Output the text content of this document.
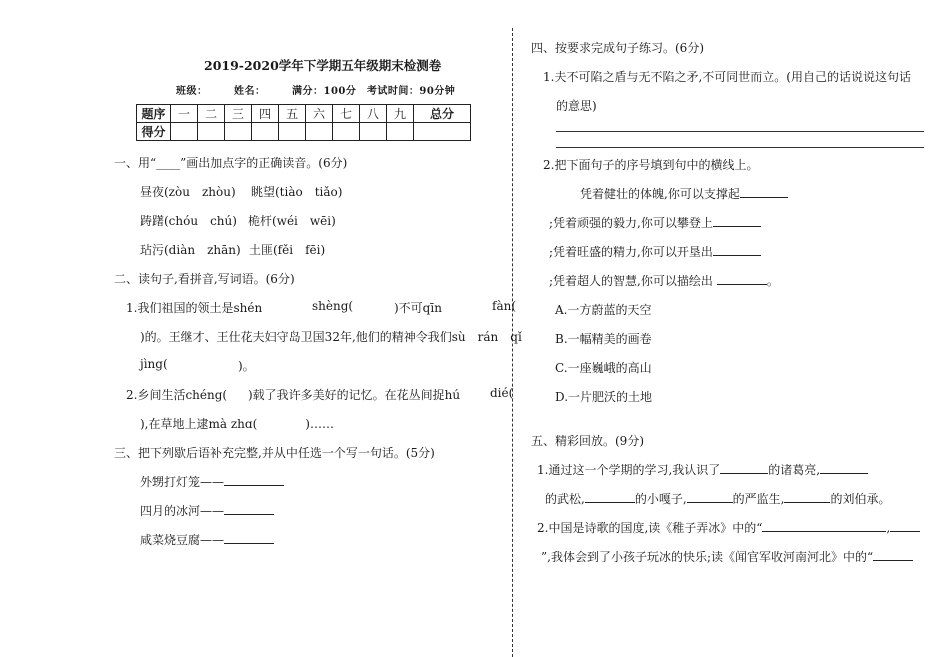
2019-2020学年下学期五年级期末检测卷
班级：　　　姓名：　　　满分：100分　考试时间：90分钟
题序	一	二	三	四	五	六	七	八	九	总分
得分										
一、用“____”画出加点字的正确读音。(6分)
昼夜(zòu　zhòu) 眺望(tiào　tiǎo)
踌躇(chóu　chú) 桅杆(wéi　wēi)
玷污(diàn　zhān) 土匪(fěi　fēi)
二、读句子,看拼音,写词语。(6分)
1.我们祖国的领土是shén	shèng(	)不可qīn	fàn(
)的。王继才、王仕花夫妇守岛卫国32年,他们的精神令我们sù　rán　qǐ
jìng(	)。
2.乡间生活chéng( )载了我许多美好的记忆。在花丛间捉hú dié(
),在草地上逮mà zhɑ(　　　　)……
三、把下列歇后语补充完整,并从中任选一个写一句话。(5分)
外甥打灯笼——
四月的冰河——
咸菜烧豆腐——
四、按要求完成句子练习。(6分)
1.夫不可陷之盾与无不陷之矛,不可同世而立。(用自己的话说说这句话
的意思)
2.把下面句子的序号填到句中的横线上。
凭着健壮的体魄,你可以支撑起
;凭着顽强的毅力,你可以攀登上
;凭着旺盛的精力,你可以开垦出
;凭着超人的智慧,你可以描绘出	。
A.一方蔚蓝的天空
B.一幅精美的画卷
C.一座巍峨的高山
D.一片肥沃的土地
五、精彩回放。(9分)
1.通过这一个学期的学习,我认识了	的诸葛亮,
的武松,	的小嘎子,	的严监生,	的刘伯承。
2.中国是诗歌的国度,读《稚子弄冰》中的“	,
”,我体会到了小孩子玩冰的快乐;读《闻官军收河南河北》中的“
